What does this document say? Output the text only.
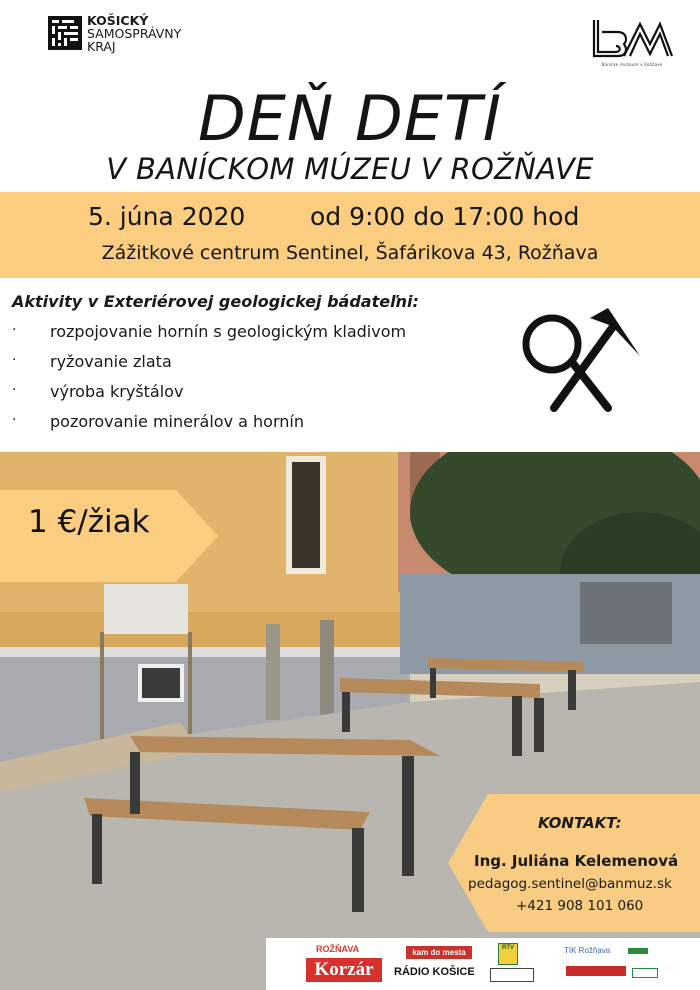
KOŠICKÝ
SAMOSPRÁVNY
KRAJ
Banícke múzeum v Rožňave
DEŇ DETÍ
V BANÍCKOM MÚZEU V ROŽŇAVE
5. júna 2020	od 9:00 do 17:00 hod
Zážitkové centrum Sentinel, Šafárikova 43, Rožňava
Aktivity v Exteriérovej geologickej bádateľni:
· rozpojovanie hornín s geologickým kladivom
· ryžovanie zlata
· výroba kryštálov
· pozorovanie minerálov a hornín
1 €/žiak
KONTAKT:
Ing. Juliána Kelemenová
pedagog.sentinel@banmuz.sk
+421 908 101 060
ROŽŇAVA
Korzár
kam do mesta
RÁDIO KOŠICE
RTV	TIK Rožňava
